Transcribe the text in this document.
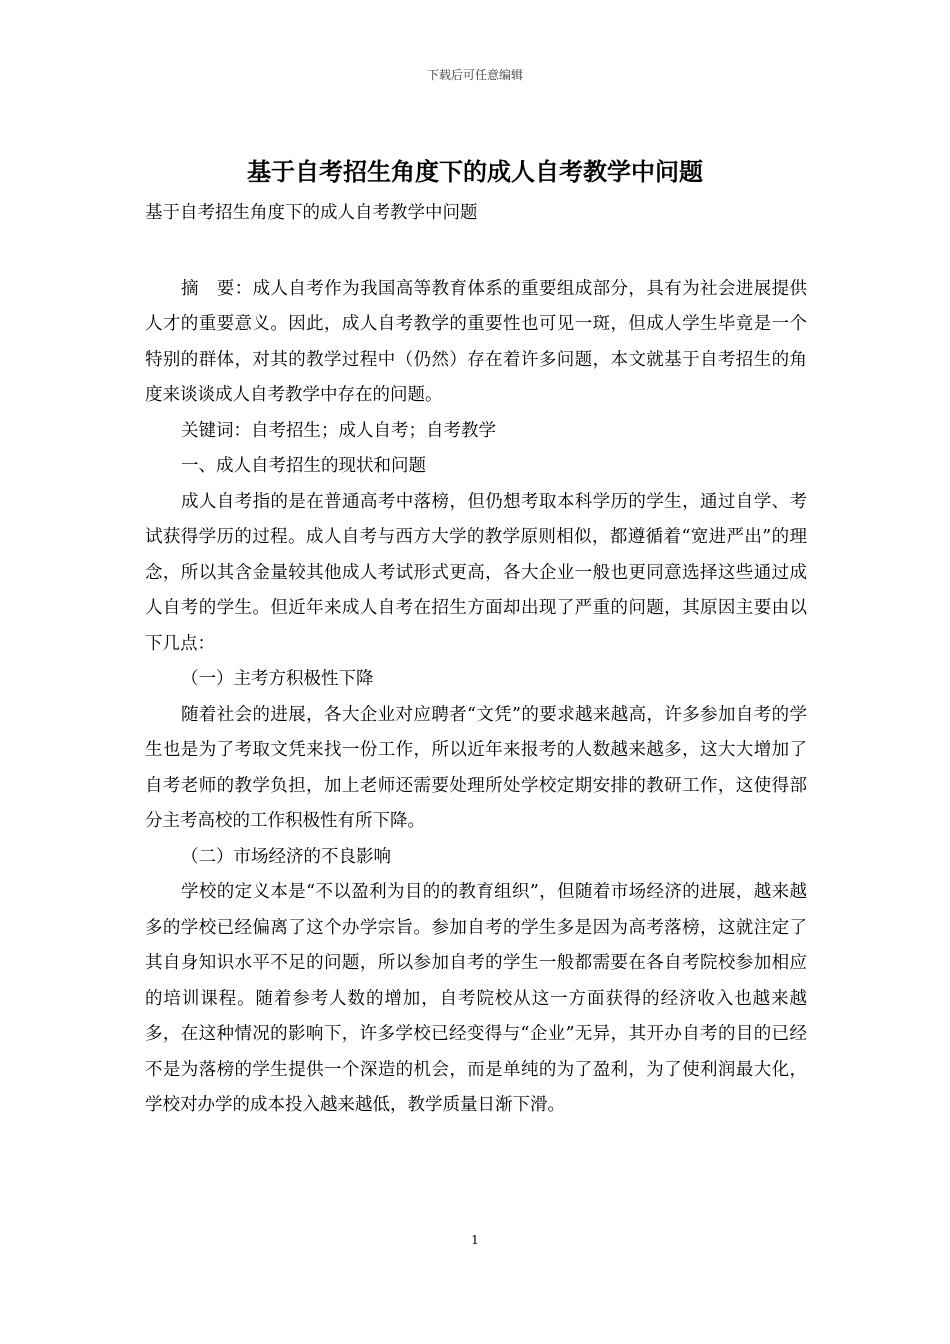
下载后可任意编辑
基于自考招生角度下的成人自考教学中问题

基于自考招生角度下的成人自考教学中问题

摘　要：成人自考作为我国高等教育体系的重要组成部分，具有为社会进展提供人才的重要意义。因此，成人自考教学的重要性也可见一斑，但成人学生毕竟是一个特别的群体，对其的教学过程中（仍然）存在着许多问题，本文就基于自考招生的角度来谈谈成人自考教学中存在的问题。

关键词：自考招生；成人自考；自考教学

一、成人自考招生的现状和问题

成人自考指的是在普通高考中落榜，但仍想考取本科学历的学生，通过自学、考试获得学历的过程。成人自考与西方大学的教学原则相似，都遵循着“宽进严出”的理念，所以其含金量较其他成人考试形式更高，各大企业一般也更同意选择这些通过成人自考的学生。但近年来成人自考在招生方面却出现了严重的问题，其原因主要由以下几点：

（一）主考方积极性下降

随着社会的进展，各大企业对应聘者“文凭”的要求越来越高，许多参加自考的学生也是为了考取文凭来找一份工作，所以近年来报考的人数越来越多，这大大增加了自考老师的教学负担，加上老师还需要处理所处学校定期安排的教研工作，这使得部分主考高校的工作积极性有所下降。

（二）市场经济的不良影响

学校的定义本是“不以盈利为目的的教育组织”，但随着市场经济的进展，越来越多的学校已经偏离了这个办学宗旨。参加自考的学生多是因为高考落榜，这就注定了其自身知识水平不足的问题，所以参加自考的学生一般都需要在各自考院校参加相应的培训课程。随着参考人数的增加，自考院校从这一方面获得的经济收入也越来越多，在这种情况的影响下，许多学校已经变得与“企业”无异，其开办自考的目的已经不是为落榜的学生提供一个深造的机会，而是单纯的为了盈利，为了使利润最大化，学校对办学的成本投入越来越低，教学质量日渐下滑。

1
